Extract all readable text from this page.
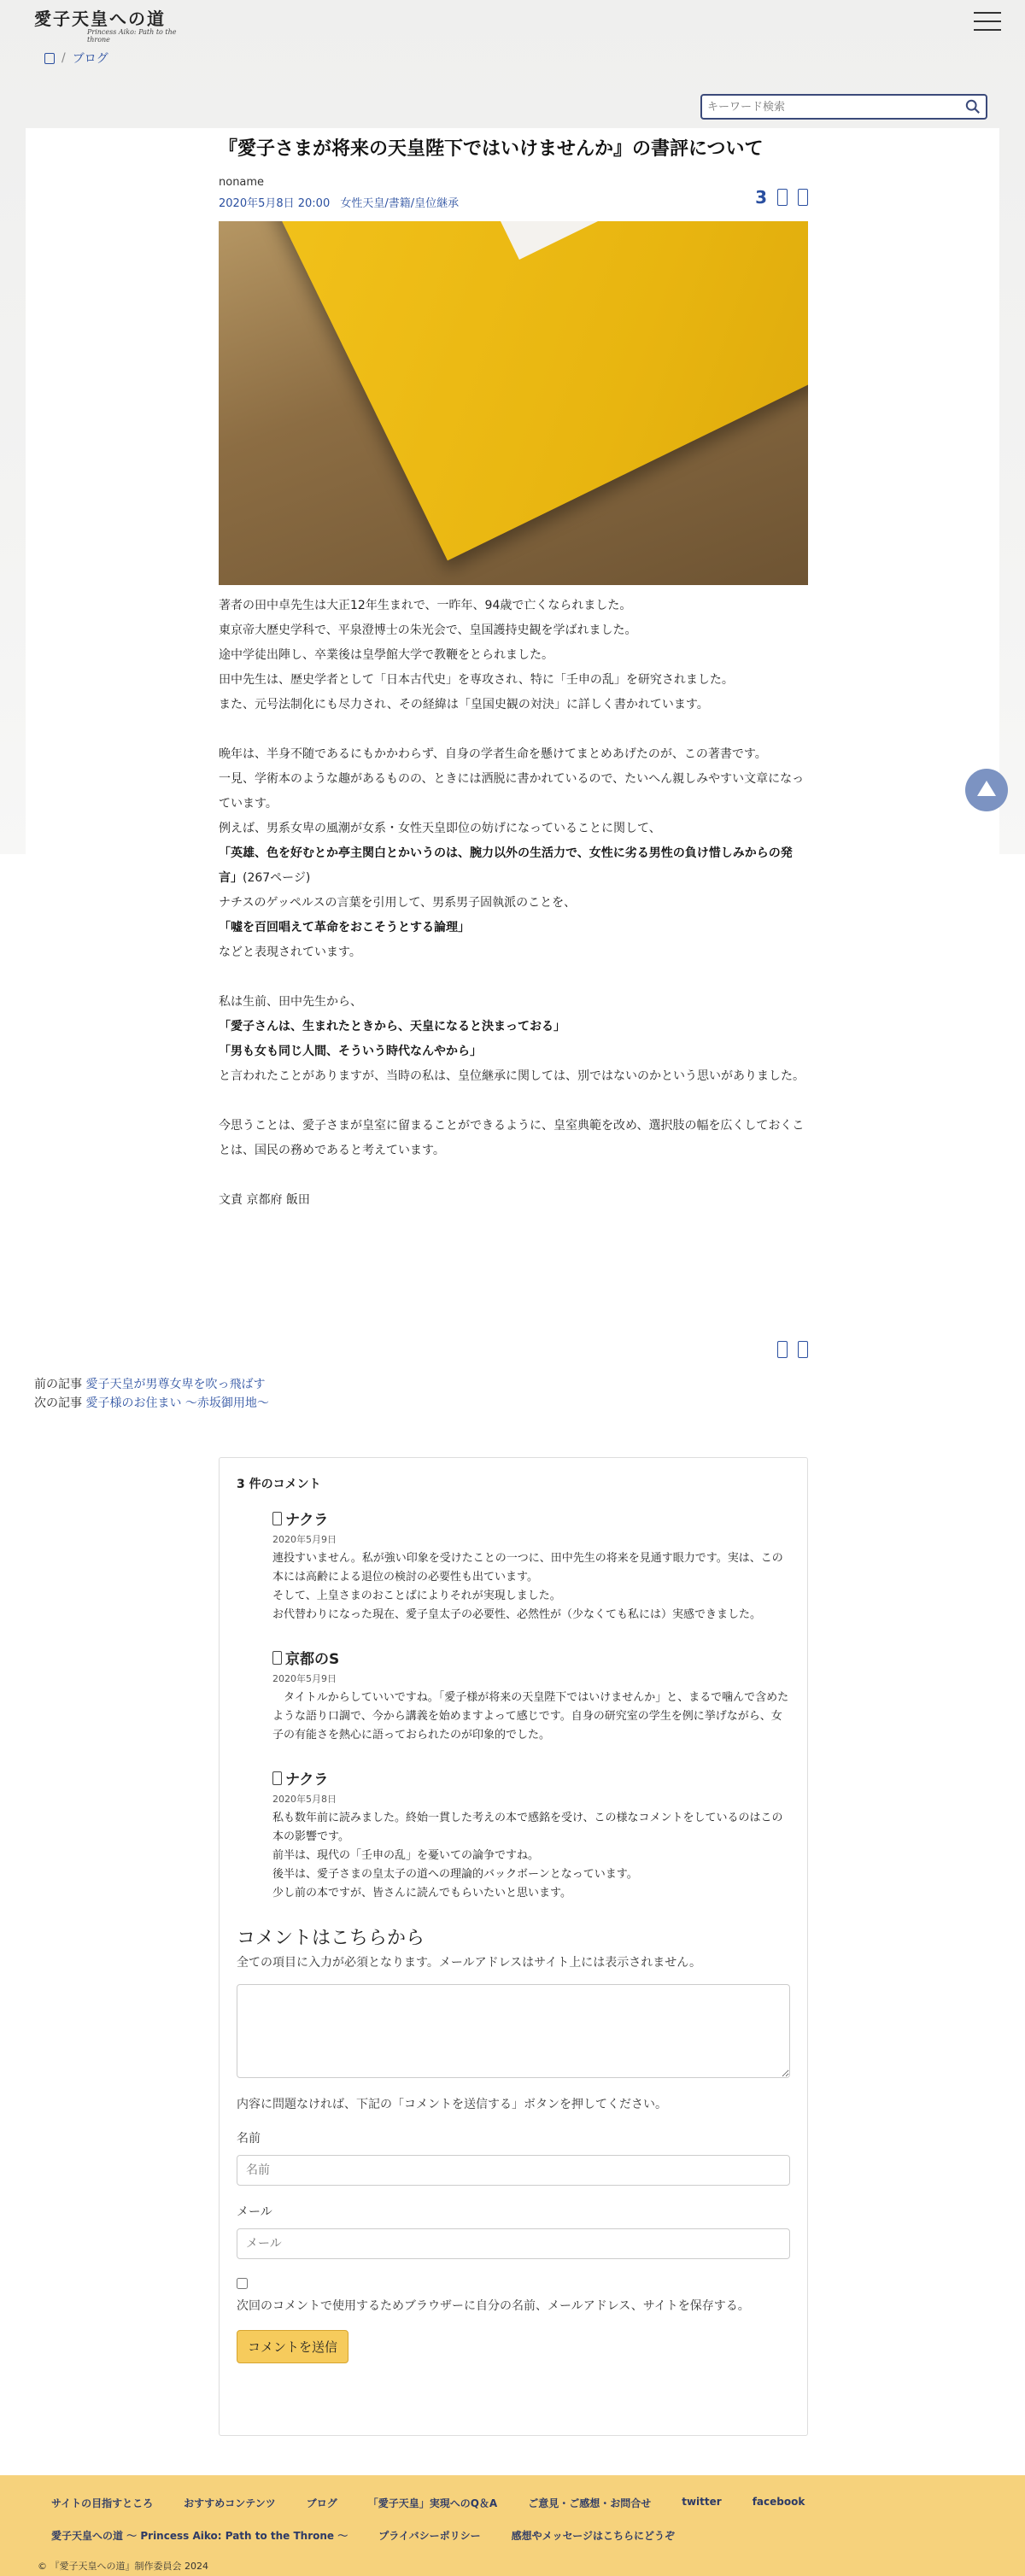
愛子天皇への道
Princess Aiko: Path to the throne
/ ブログ
キーワード検索
『愛子さまが将来の天皇陛下ではいけませんか』の書評について
noname
2020年5月8日 20:00 女性天皇/書籍/皇位継承	3

著者の田中卓先生は大正12年生まれで、一昨年、94歳で亡くなられました。

東京帝大歴史学科で、平泉澄博士の朱光会で、皇国護持史観を学ばれました。

途中学徒出陣し、卒業後は皇學館大学で教鞭をとられました。

田中先生は、歴史学者として「日本古代史」を専攻され、特に「壬申の乱」を研究されました。

また、元号法制化にも尽力され、その経緯は「皇国史観の対決」に詳しく書かれています。

晩年は、半身不随であるにもかかわらず、自身の学者生命を懸けてまとめあげたのが、この著書です。

一見、学術本のような趣があるものの、ときには洒脱に書かれているので、たいへん親しみやすい文章になっています。

例えば、男系女卑の風潮が女系・女性天皇即位の妨げになっていることに関して、

「英雄、色を好むとか亭主関白とかいうのは、腕力以外の生活力で、女性に劣る男性の負け惜しみからの発言」(267ページ)

ナチスのゲッペルスの言葉を引用して、男系男子固執派のことを、

「嘘を百回唱えて革命をおこそうとする論理」

などと表現されています。

私は生前、田中先生から、

「愛子さんは、生まれたときから、天皇になると決まっておる」

「男も女も同じ人間、そういう時代なんやから」

と言われたことがありますが、当時の私は、皇位継承に関しては、別ではないのかという思いがありました。

今思うことは、愛子さまが皇室に留まることができるように、皇室典範を改め、選択肢の幅を広くしておくことは、国民の務めであると考えています。

文責 京都府 飯田

前の記事 愛子天皇が男尊女卑を吹っ飛ばす
次の記事 愛子様のお住まい 〜赤坂御用地〜
3 件のコメント
ナクラ
2020年5月9日
連投すいません。私が強い印象を受けたことの一つに、田中先生の将来を見通す眼力です。実は、この本には高齢による退位の検討の必要性も出ています。
そして、上皇さまのおことばによりそれが実現しました。
お代替わりになった現在、愛子皇太子の必要性、必然性が（少なくても私には）実感できました。
京都のS
2020年5月9日
　タイトルからしていいですね。「愛子様が将来の天皇陛下ではいけませんか」と、まるで噛んで含めたような語り口調で、今から講義を始めますよって感じです。自身の研究室の学生を例に挙げながら、女子の有能さを熱心に語っておられたのが印象的でした。
ナクラ
2020年5月8日
私も数年前に読みました。終始一貫した考えの本で感銘を受け、この様なコメントをしているのはこの本の影響です。
前半は、現代の「壬申の乱」を憂いての論争ですね。
後半は、愛子さまの皇太子の道への理論的バックボーンとなっています。
少し前の本ですが、皆さんに読んでもらいたいと思います。
コメントはこちらから
全ての項目に入力が必須となります。メールアドレスはサイト上には表示されません。
内容に問題なければ、下記の「コメントを送信する」ボタンを押してください。
名前
名前
メール
メール
次回のコメントで使用するためブラウザーに自分の名前、メールアドレス、サイトを保存する。
コメントを送信
サイトの目指すところ	おすすめコンテンツ	ブログ	「愛子天皇」実現へのQ＆A	ご意見・ご感想・お問合せ	twitter	facebook
愛子天皇への道 〜 Princess Aiko: Path to the Throne 〜	プライバシーポリシー	感想やメッセージはこちらにどうぞ
© 『愛子天皇への道』制作委員会 2024
